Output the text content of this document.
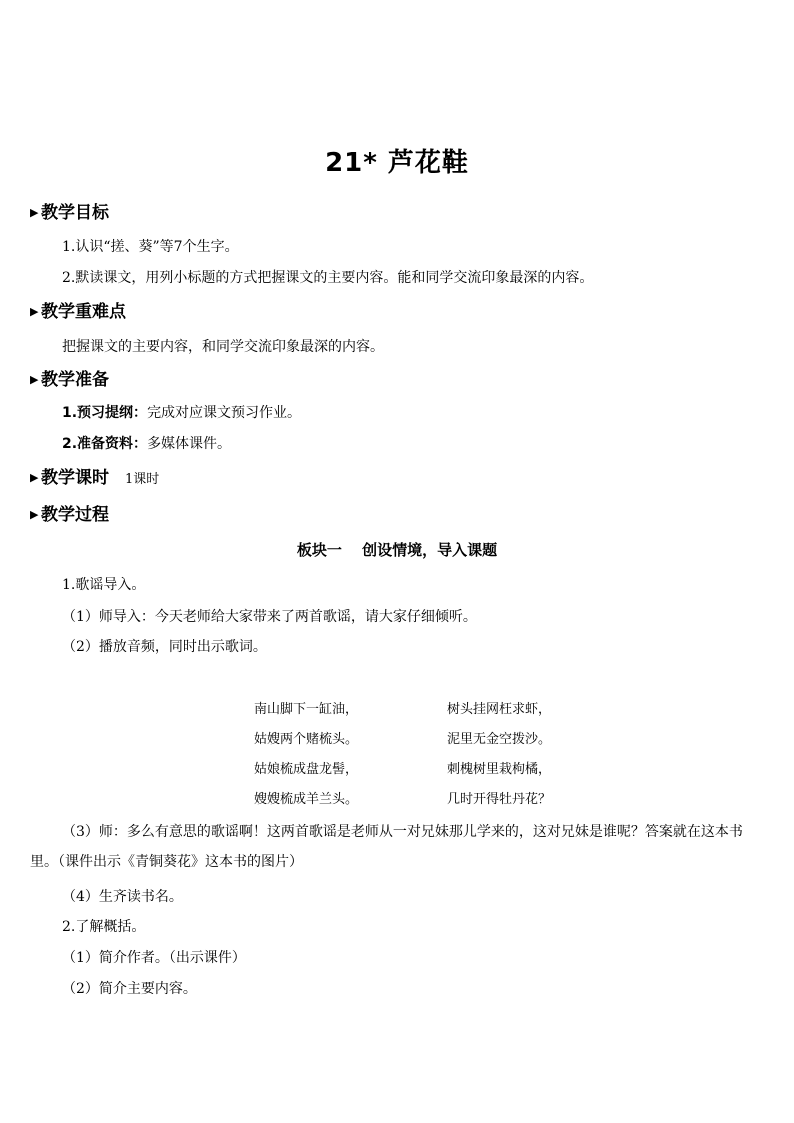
21* 芦花鞋
▶ 教学目标
1.认识“搓、葵”等7个生字。
2.默读课文，用列小标题的方式把握课文的主要内容。能和同学交流印象最深的内容。
▶ 教学重难点
把握课文的主要内容，和同学交流印象最深的内容。
▶ 教学准备
1.预习提纲：完成对应课文预习作业。
2.准备资料：多媒体课件。
▶ 教学课时 1课时
▶ 教学过程
板块一　 创设情境，导入课题
1.歌谣导入。
（1）师导入：今天老师给大家带来了两首歌谣，请大家仔细倾听。
（2）播放音频，同时出示歌词。
南山脚下一缸油，
姑嫂两个赌梳头。
姑娘梳成盘龙髻，
嫂嫂梳成羊兰头。
树头挂网枉求虾，
泥里无金空拨沙。
刺槐树里栽枸橘，
几时开得牡丹花？
（3）师：多么有意思的歌谣啊！这两首歌谣是老师从一对兄妹那儿学来的，这对兄妹是谁呢？答案就在这本书里。（课件出示《青铜葵花》这本书的图片）
（4）生齐读书名。
2.了解概括。
（1）简介作者。（出示课件）
（2）简介主要内容。
